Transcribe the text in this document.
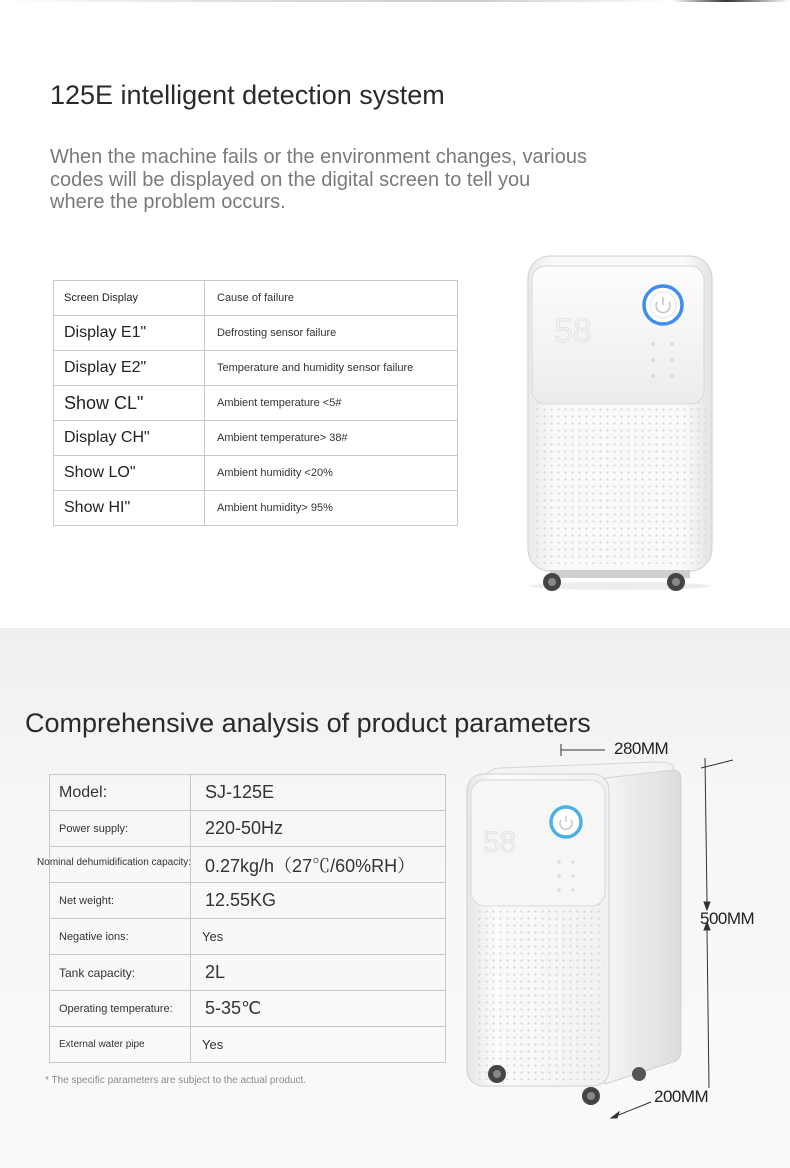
125E intelligent detection system
When the machine fails or the environment changes, various codes will be displayed on the digital screen to tell you where the problem occurs.
Screen Display	Cause of failure
Display E1"	Defrosting sensor failure
Display E2"	Temperature and humidity sensor failure
Show CL"	Ambient temperature <5#
Display CH"	Ambient temperature> 38#
Show LO"	Ambient humidity <20%
Show HI"	Ambient humidity> 95%
58
Comprehensive analysis of product parameters
Model:	SJ-125E
Power supply:	220-50Hz

Nominal dehumidification capacity:	0.27kg/h（27℃/60%RH）
Net weight:	12.55KG
Negative ions:	Yes
Tank capacity:	2L
Operating temperature:	5-35℃
External water pipe	Yes
* The specific parameters are subject to the actual product.
58
280MM
500MM
200MM
